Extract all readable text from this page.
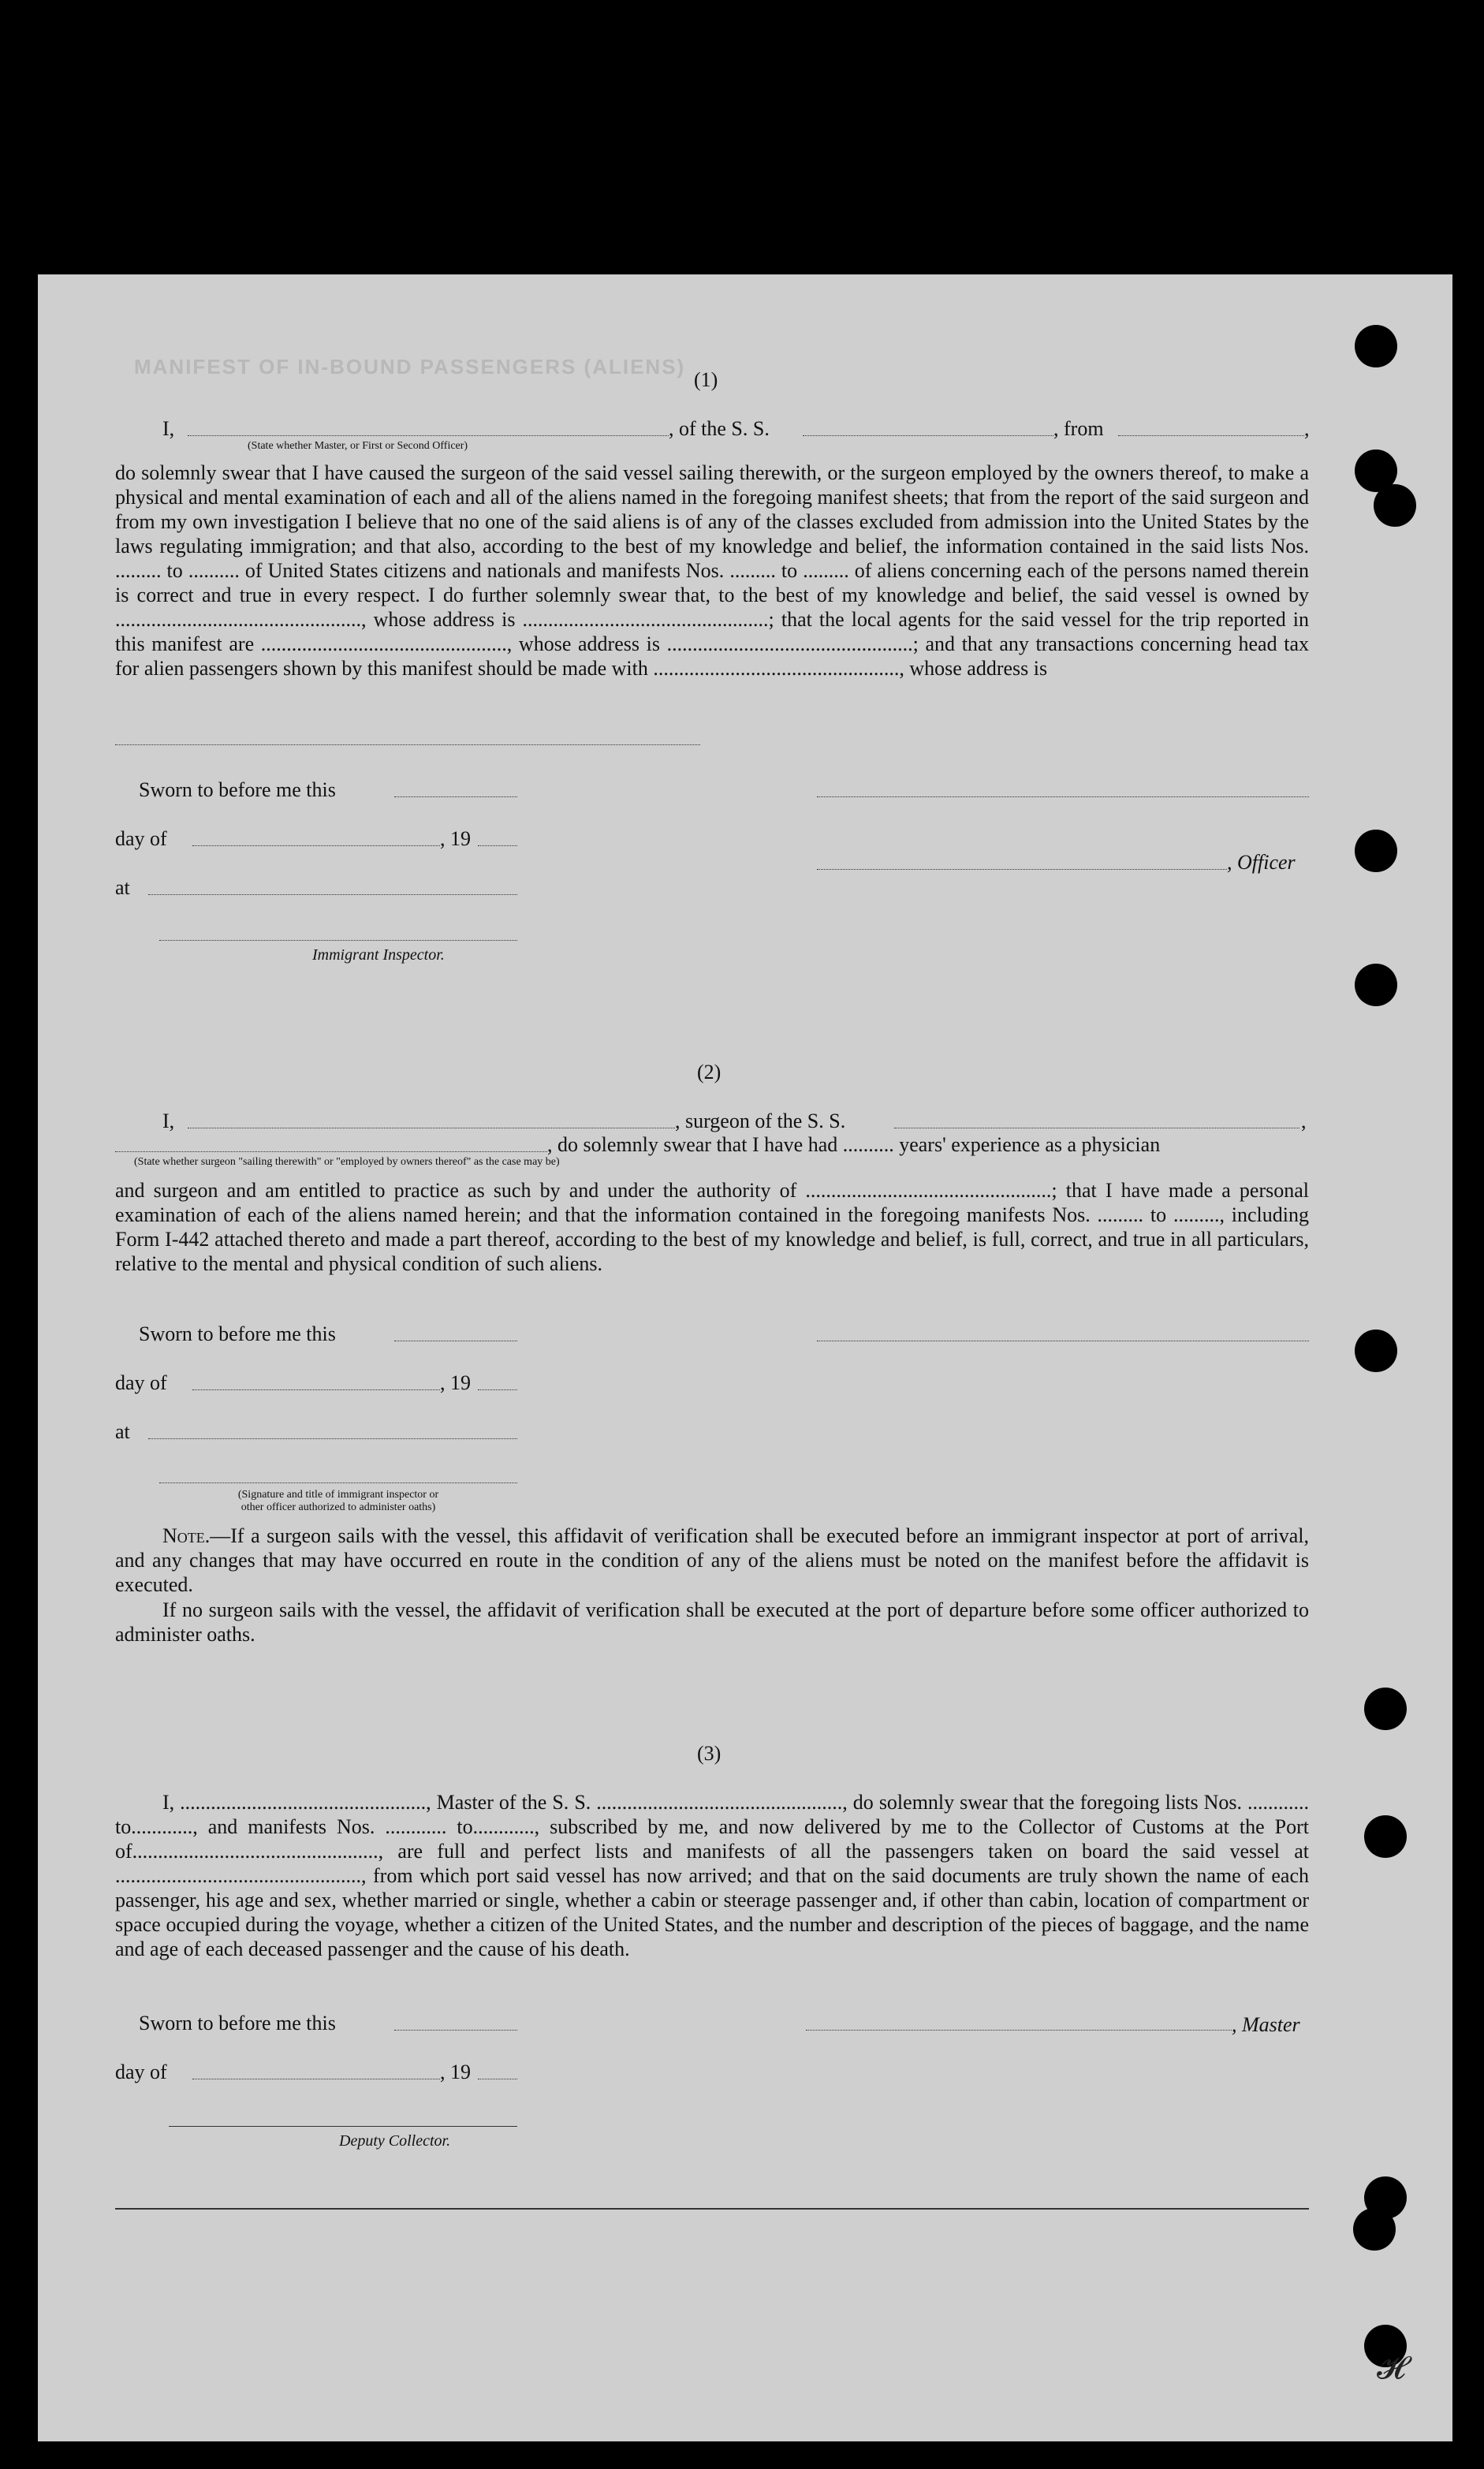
MANIFEST OF IN-BOUND PASSENGERS (ALIENS)
(1)
I,	, of the S. S.	, from	,
(State whether Master, or First or Second Officer)
do solemnly swear that I have caused the surgeon of the said vessel sailing therewith, or the surgeon employed by the owners thereof, to make a physical and mental examination of each and all of the aliens named in the foregoing manifest sheets; that from the report of the said surgeon and from my own investigation I believe that no one of the said aliens is of any of the classes excluded from admission into the United States by the laws regulating immigration; and that also, according to the best of my knowledge and belief, the information contained in the said lists Nos. ......... to .......... of United States citizens and nationals and manifests Nos. ......... to ......... of aliens concerning each of the persons named therein is correct and true in every respect. I do further solemnly swear that, to the best of my knowledge and belief, the said vessel is owned by ................................................, whose address is ................................................; that the local agents for the said vessel for the trip reported in this manifest are ................................................, whose address is ................................................; and that any transactions concerning head tax for alien passengers shown by this manifest should be made with ................................................, whose address is
Sworn to before me this
day of	, 19
, Officer
at
Immigrant Inspector.
(2)
I,	, surgeon of the S. S.	,
, do solemnly swear that I have had .......... years' experience as a physician
(State whether surgeon "sailing therewith" or "employed by owners thereof" as the case may be)
and surgeon and am entitled to practice as such by and under the authority of ................................................; that I have made a personal examination of each of the aliens named herein; and that the information contained in the foregoing manifests Nos. ......... to ........., including Form I-442 attached thereto and made a part thereof, according to the best of my knowledge and belief, is full, correct, and true in all particulars, relative to the mental and physical condition of such aliens.
Sworn to before me this
day of	, 19
at
(Signature and title of immigrant inspector or
other officer authorized to administer oaths)
Note.—If a surgeon sails with the vessel, this affidavit of verification shall be executed before an immigrant inspector at port of arrival, and any changes that may have occurred en route in the condition of any of the aliens must be noted on the manifest before the affidavit is executed.
If no surgeon sails with the vessel, the affidavit of verification shall be executed at the port of departure before some officer authorized to administer oaths.
(3)
I, ................................................, Master of the S. S. ................................................, do solemnly swear that the foregoing lists Nos. ............ to............, and manifests Nos. ............ to............, subscribed by me, and now delivered by me to the Collector of Customs at the Port of................................................, are full and perfect lists and manifests of all the passengers taken on board the said vessel at ................................................, from which port said vessel has now arrived; and that on the said documents are truly shown the name of each passenger, his age and sex, whether married or single, whether a cabin or steerage passenger and, if other than cabin, location of compartment or space occupied during the voyage, whether a citizen of the United States, and the number and description of the pieces of baggage, and the name and age of each deceased passenger and the cause of his death.
Sworn to before me this	, Master
day of	, 19
Deputy Collector.
𝓗
